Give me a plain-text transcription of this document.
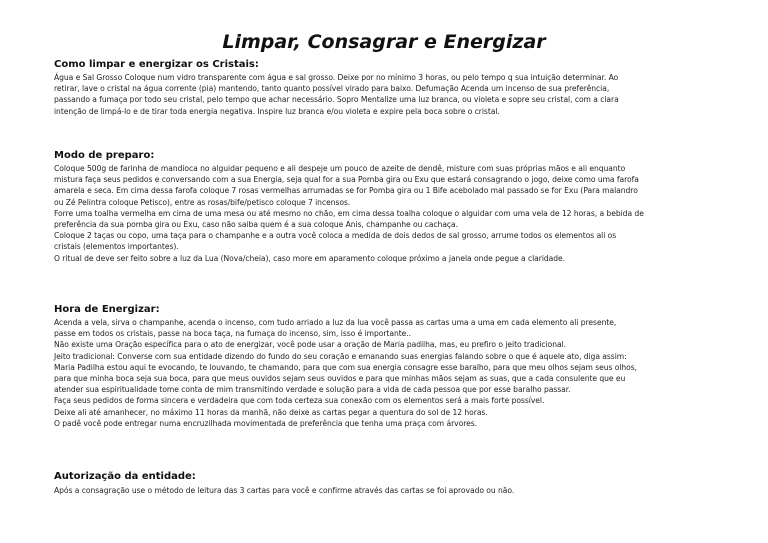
Limpar, Consagrar e Energizar
Como limpar e energizar os Cristais:
Água e Sal Grosso Coloque num vidro transparente com água e sal grosso. Deixe por no mínimo 3 horas, ou pelo tempo q sua intuição determinar. Ao
retirar, lave o cristal na água corrente (pia) mantendo, tanto quanto possível virado para baixo. Defumação Acenda um incenso de sua preferência,
passando a fumaça por todo seu cristal, pelo tempo que achar necessário. Sopro Mentalize uma luz branca, ou violeta e sopre seu cristal, com a clara
intenção de limpá-lo e de tirar toda energia negativa. Inspire luz branca e/ou violeta e expire pela boca sobre o cristal.
Modo de preparo:
Coloque 500g de farinha de mandioca no alguidar pequeno e ali despeje um pouco de azeite de dendê, misture com suas próprias mãos e ali enquanto
mistura faça seus pedidos e conversando com a sua Energia, seja qual for a sua Pomba gira ou Exu que estará consagrando o jogo, deixe como uma farofa
amarela e seca. Em cima dessa farofa coloque 7 rosas vermelhas arrumadas se for Pomba gira ou 1 Bife acebolado mal passado se for Exu (Para malandro
ou Zé Pelintra coloque Petisco), entre as rosas/bife/petisco coloque 7 incensos.
Forre uma toalha vermelha em cima de uma mesa ou até mesmo no chão, em cima dessa toalha coloque o alguidar com uma vela de 12 horas, a bebida de
preferência da sua pomba gira ou Exu, caso não saiba quem é a sua coloque Anis, champanhe ou cachaça.
Coloque 2 taças ou copo, uma taça para o champanhe e a outra você coloca a medida de dois dedos de sal grosso, arrume todos os elementos ali os
cristais (elementos importantes).
O ritual de deve ser feito sobre a luz da Lua (Nova/cheia), caso more em aparamento coloque próximo a janela onde pegue a claridade.
Hora de Energizar:
Acenda a vela, sirva o champanhe, acenda o incenso, com tudo arriado a luz da lua você passa as cartas uma a uma em cada elemento ali presente,
passe em todos os cristais, passe na boca taça, na fumaça do incenso, sim, isso é importante..
Não existe uma Oração específica para o ato de energizar, você pode usar a oração de Maria padilha, mas, eu prefiro o jeito tradicional.
Jeito tradicional: Converse com sua entidade dizendo do fundo do seu coração e emanando suas energias falando sobre o que é aquele ato, diga assim:
Maria Padilha estou aqui te evocando, te louvando, te chamando, para que com sua energia consagre esse baralho, para que meu olhos sejam seus olhos,
para que minha boca seja sua boca, para que meus ouvidos sejam seus ouvidos e para que minhas mãos sejam as suas, que a cada consulente que eu
atender sua espiritualidade tome conta de mim transmitindo verdade e solução para a vida de cada pessoa que por esse baralho passar.
Faça seus pedidos de forma sincera e verdadeira que com toda certeza sua conexão com os elementos será a mais forte possível.
Deixe ali até amanhecer, no máximo 11 horas da manhã, não deixe as cartas pegar a quentura do sol de 12 horas.
O padê você pode entregar numa encruzilhada movimentada de preferência que tenha uma praça com árvores.
Autorização da entidade:
Após a consagração use o método de leitura das 3 cartas para você e confirme através das cartas se foi aprovado ou não.
